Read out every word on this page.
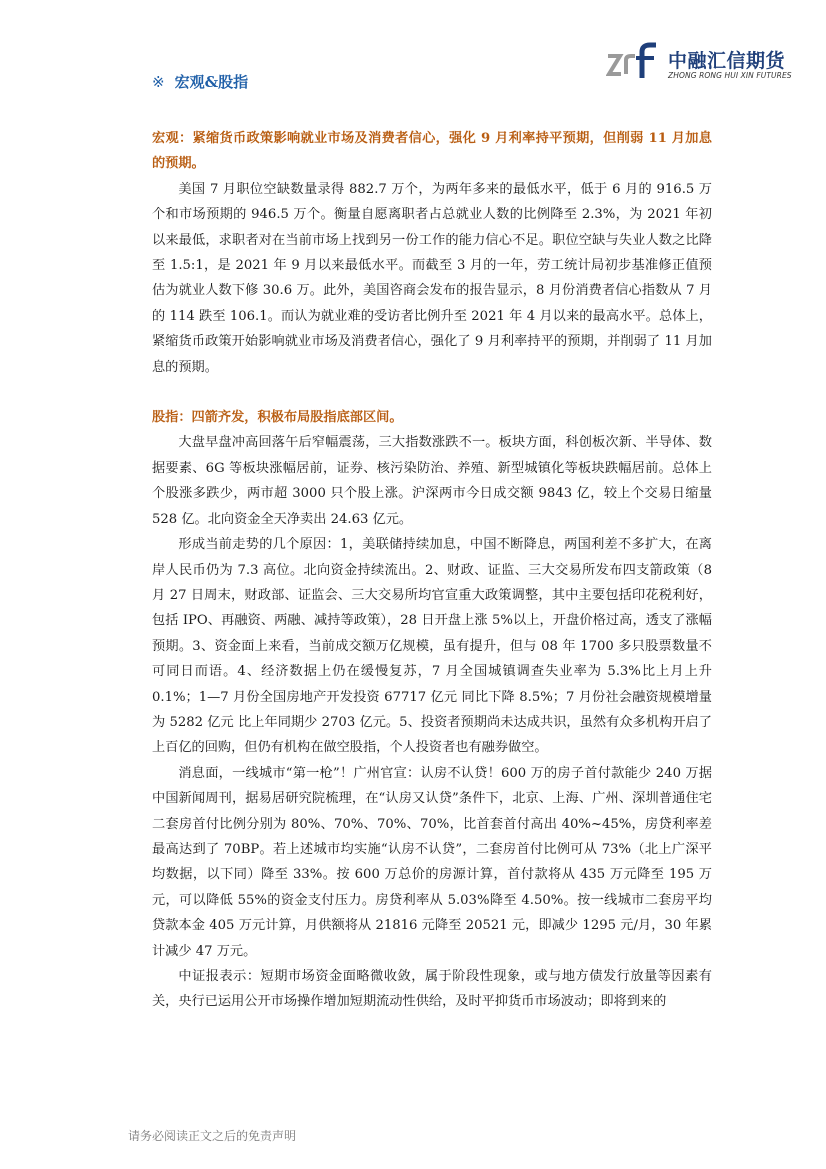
中融汇信期货
ZHONG RONG HUI XIN FUTURES
※ 宏观&股指

宏观：紧缩货币政策影响就业市场及消费者信心，强化 9 月利率持平预期，但削弱 11 月加息的预期。

美国 7 月职位空缺数量录得 882.7 万个，为两年多来的最低水平，低于 6 月的 916.5 万个和市场预期的 946.5 万个。衡量自愿离职者占总就业人数的比例降至 2.3%，为 2021 年初以来最低，求职者对在当前市场上找到另一份工作的能力信心不足。职位空缺与失业人数之比降至 1.5:1，是 2021 年 9 月以来最低水平。而截至 3 月的一年，劳工统计局初步基准修正值预估为就业人数下修 30.6 万。此外，美国咨商会发布的报告显示，8 月份消费者信心指数从 7 月的 114 跌至 106.1。而认为就业难的受访者比例升至 2021 年 4 月以来的最高水平。总体上，紧缩货币政策开始影响就业市场及消费者信心，强化了 9 月利率持平的预期，并削弱了 11 月加息的预期。

股指：四箭齐发，积极布局股指底部区间。

大盘早盘冲高回落午后窄幅震荡，三大指数涨跌不一。板块方面，科创板次新、半导体、数据要素、6G 等板块涨幅居前，证券、核污染防治、养殖、新型城镇化等板块跌幅居前。总体上个股涨多跌少，两市超 3000 只个股上涨。沪深两市今日成交额 9843 亿，较上个交易日缩量 528 亿。北向资金全天净卖出 24.63 亿元。

形成当前走势的几个原因：1，美联储持续加息，中国不断降息，两国利差不多扩大，在离岸人民币仍为 7.3 高位。北向资金持续流出。2、财政、证监、三大交易所发布四支箭政策（8 月 27 日周末，财政部、证监会、三大交易所均官宣重大政策调整，其中主要包括印花税利好，包括 IPO、再融资、两融、减持等政策），28 日开盘上涨 5%以上，开盘价格过高，透支了涨幅预期。3、资金面上来看，当前成交额万亿规模，虽有提升，但与 08 年 1700 多只股票数量不可同日而语。4、经济数据上仍在缓慢复苏，7 月全国城镇调查失业率为 5.3%比上月上升 0.1%；1—7 月份全国房地产开发投资 67717 亿元 同比下降 8.5%；7 月份社会融资规模增量为 5282 亿元 比上年同期少 2703 亿元。5、投资者预期尚未达成共识，虽然有众多机构开启了上百亿的回购，但仍有机构在做空股指，个人投资者也有融券做空。

消息面，一线城市“第一枪”！广州官宣：认房不认贷！600 万的房子首付款能少 240 万据中国新闻周刊，据易居研究院梳理，在“认房又认贷”条件下，北京、上海、广州、深圳普通住宅二套房首付比例分别为 80%、70%、70%、70%，比首套首付高出 40%~45%，房贷利率差最高达到了 70BP。若上述城市均实施“认房不认贷”，二套房首付比例可从 73%（北上广深平均数据，以下同）降至 33%。按 600 万总价的房源计算，首付款将从 435 万元降至 195 万元，可以降低 55%的资金支付压力。房贷利率从 5.03%降至 4.50%。按一线城市二套房平均贷款本金 405 万元计算，月供额将从 21816 元降至 20521 元，即减少 1295 元/月，30 年累计减少 47 万元。

中证报表示：短期市场资金面略微收敛，属于阶段性现象，或与地方债发行放量等因素有关，央行已运用公开市场操作增加短期流动性供给，及时平抑货币市场波动；即将到来的

请务必阅读正文之后的免责声明
